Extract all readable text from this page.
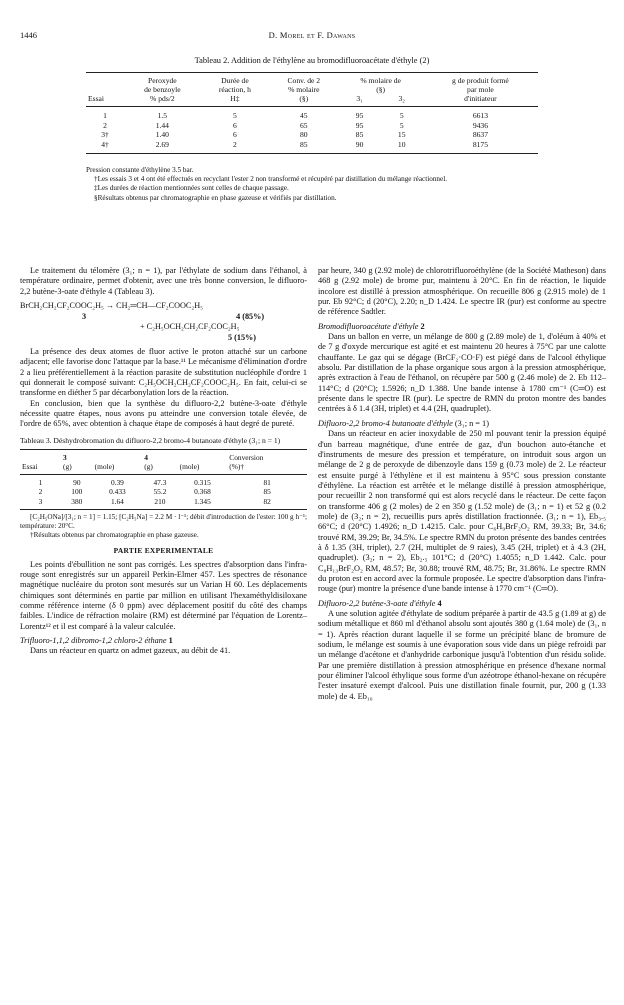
1446	D. Morel et F. Dawans
Tableau 2. Addition de l'éthylène au bromodifluoroacétate d'éthyle (2)
	Peroxyde	Durée de	Conv. de 2	% molaire de		g de produit formé
	de benzoyle	réaction, h	% molaire	(§)		par mole
Essai	% pds/2	H‡	(§)	3₁	3₂	d'initiateur
1	1.5	5	45	95	5	6613
2	1.44	6	65	95	5	9436
3†	1.40	6	80	85	15	8637
4†	2.69	2	85	90	10	8175

Pression constante d'éthylène 3.5 bar.

†Les essais 3 et 4 ont été effectués en recyclant l'ester 2 non transformé et récupéré par distillation du mélange réactionnel.

‡Les durées de réaction mentionnées sont celles de chaque passage.

§Résultats obtenus par chromatographie en phase gazeuse et vérifiés par distillation.

Le traitement du télomère (3₁; n = 1), par l'éthylate de sodium dans l'éthanol, à température ordinaire, permet d'obtenir, avec une très bonne conversion, le difluoro-2,2 butène-3-oate d'éthyle 4 (Tableau 3).

BrCH₂CH₂CF₂COOC₂H₅ → CH₂═CH—CF₂COOC₂H₅
3	4 (85%)
+ C₂H₅OCH₂CH₂CF₂COC₂H₅
5 (15%)

La présence des deux atomes de fluor active le proton attaché sur un carbone adjacent; elle favorise donc l'attaque par la base.¹¹ Le mécanisme d'élimination d'ordre 2 a lieu préférentiellement à la réaction parasite de substitution nucléophile d'ordre 1 qui donnerait le composé suivant: C₂H₅OCH₂CH₂CF₂COOC₂H₅. En fait, celui-ci se transforme en diéther 5 par décarbonylation lors de la réaction.

En conclusion, bien que la synthèse du difluoro-2,2 butène-3-oate d'éthyle nécessite quatre étapes, nous avons pu atteindre une conversion totale élevée, de l'ordre de 65%, avec obtention à chaque étape de composés à haut degré de pureté.

Tableau 3. Déshydrobromation du difluoro-2,2 bromo-4 butanoate d'éthyle (3₁; n = 1)
	3		4		Conversion
Essai	(g)	(mole)	(g)	(mole)	(%)†
1	90	0.39	47.3	0.315	81
2	100	0.433	55.2	0.368	85
3	380	1.64	210	1.345	82

[C₂H₅ONa]/[3₁; n = 1] = 1.15; [C₂H₅Na] = 2.2 M · l⁻¹; débit d'introduction de l'ester: 100 g h⁻¹; température: 20°C.

†Résultats obtenus par chromatographie en phase gazeuse.

PARTIE EXPERIMENTALE

Les points d'ébullition ne sont pas corrigés. Les spectres d'absorption dans l'infra-rouge sont enregistrés sur un appareil Perkin-Elmer 457. Les spectres de résonance magnétique nucléaire du proton sont mesurés sur un Varian H 60. Les déplacements chimiques sont déterminés en partie par million en utilisant l'hexaméthyldisiloxane comme référence interne (δ 0 ppm) avec déplacement positif du côté des champs faibles. L'indice de réfraction molaire (RM) est déterminé par l'équation de Lorentz–Lorentz¹² et il est comparé à la valeur calculée.

Trifluoro-1,1,2 dibromo-1,2 chloro-2 éthane 1

Dans un réacteur en quartz on admet gazeux, au débit de 41.

par heure, 340 g (2.92 mole) de chlorotrifluoroéthylène (de la Société Matheson) dans 468 g (2.92 mole) de brome pur, maintenu à 20°C. En fin de réaction, le liquide incolore est distillé à pression atmosphérique. On recueille 806 g (2.915 mole) de 1 pur. Eb 92°C; d (20°C), 2.20; n_D 1.424. Le spectre IR (pur) est conforme au spectre de référence Sadtler.

Bromodifluoroacétate d'éthyle 2

Dans un ballon en verre, un mélange de 800 g (2.89 mole) de 1, d'oléum à 40% et de 7 g d'oxyde mercurique est agité et est maintenu 20 heures à 75°C par une calotte chauffante. Le gaz qui se dégage (BrCF₂·CO·F) est piégé dans de l'alcool éthylique absolu. Par distillation de la phase organique sous argon à la pression atmosphérique, après extraction à l'eau de l'éthanol, on récupère par 500 g (2.46 mole) de 2. Eb 112–114°C; d (20°C); 1.5926; n_D 1.388. Une bande intense à 1780 cm⁻¹ (C═O) est présente dans le spectre IR (pur). Le spectre de RMN du proton montre des bandes centrées à δ 1.4 (3H, triplet) et 4.4 (2H, quadruplet).

Difluoro-2,2 bromo-4 butanoate d'éthyle (3₁; n = 1)

Dans un réacteur en acier inoxydable de 250 ml pouvant tenir la pression équipé d'un barreau magnétique, d'une entrée de gaz, d'un bouchon auto-étanche et d'instruments de mesure des pression et température, on introduit sous argon un mélange de 2 g de peroxyde de dibenzoyle dans 159 g (0.73 mole) de 2. Le réacteur est ensuite purgé à l'éthylène et il est maintenu à 95°C sous pression constante d'éthylène. La réaction est arrêtée et le mélange distillé à pression atmosphérique, pour recueillir 2 non transformé qui est alors recyclé dans le réacteur. De cette façon on transforme 406 g (2 moles) de 2 en 350 g (1.52 mole) de (3₁; n = 1) et 52 g (0.2 mole) de (3₂; n = 2), recueillis purs après distillation fractionnée. (3₁; n = 1), Eb₃.₅ 66°C; d (20°C) 1.4926; n_D 1.4215. Calc. pour C₆H₉BrF₂O₂ RM, 39.33; Br, 34.6; trouvé RM, 39.29; Br, 34.5%. Le spectre RMN du proton présente des bandes centrées à δ 1.35 (3H, triplet), 2.7 (2H, multiplet de 9 raies), 3.45 (2H, triplet) et à 4.3 (2H, quadruplet). (3₂; n = 2), Eb₂.₅ 101°C; d (20°C) 1.4055; n_D 1.442. Calc. pour C₈H₁₃BrF₂O₂ RM, 48.57; Br, 30.88; trouvé RM, 48.75; Br, 31.86%. Le spectre RMN du proton est en accord avec la formule proposée. Le spectre d'absorption dans l'infra-rouge (pur) montre la présence d'une bande intense à 1770 cm⁻¹ (C═O).

Difluoro-2,2 butène-3-oate d'éthyle 4

A une solution agitée d'éthylate de sodium préparée à partir de 43.5 g (1.89 at g) de sodium métallique et 860 ml d'éthanol absolu sont ajoutés 380 g (1.64 mole) de (3₁, n = 1). Après réaction durant laquelle il se forme un précipité blanc de bromure de sodium, le mélange est soumis à une évaporation sous vide dans un piège refroidi par un mélange d'acétone et d'anhydride carbonique jusqu'à l'obtention d'un résidu solide. Par une première distillation à pression atmosphérique en présence d'hexane normal pour éliminer l'alcool éthylique sous forme d'un azéotrope éthanol-hexane on récupère l'ester insaturé exempt d'alcool. Puis une distillation finale fournit, pur, 200 g (1.33 mole) de 4. Eb₁₆
